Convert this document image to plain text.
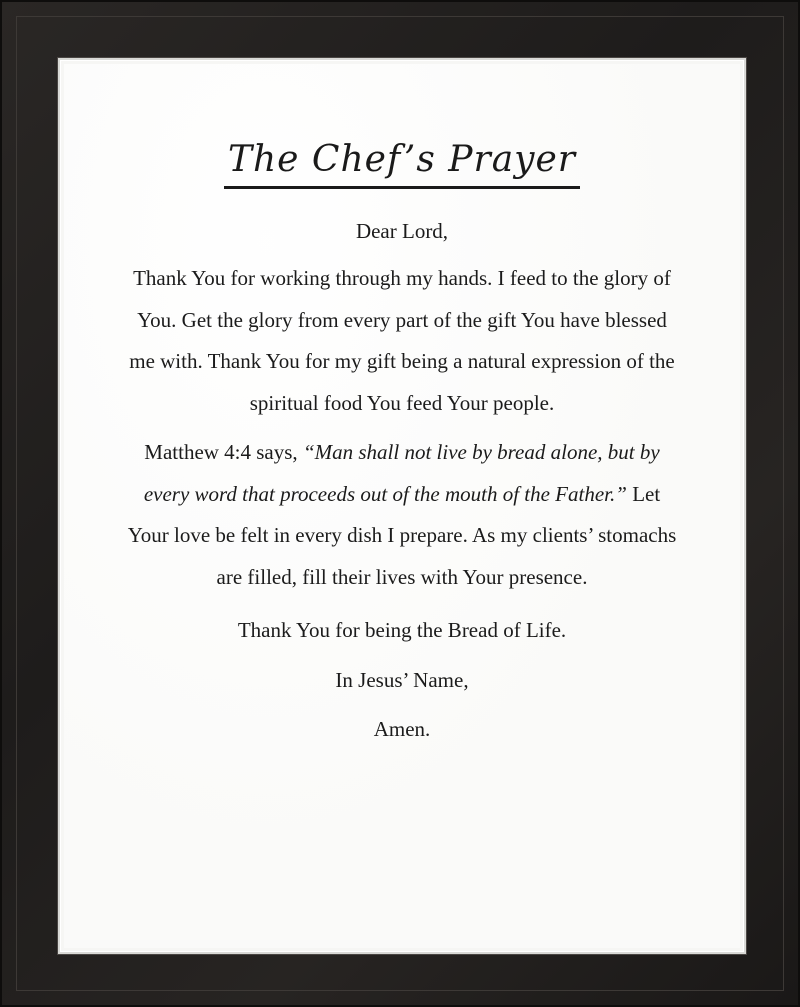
The Chef’s Prayer

Dear Lord,

Thank You for working through my hands. I feed to the glory of You. Get the glory from every part of the gift You have blessed me with. Thank You for my gift being a natural expression of the spiritual food You feed Your people.

Matthew 4:4 says, “Man shall not live by bread alone, but by every word that proceeds out of the mouth of the Father.” Let Your love be felt in every dish I prepare. As my clients’ stomachs are filled, fill their lives with Your presence.

Thank You for being the Bread of Life.

In Jesus’ Name,

Amen.
